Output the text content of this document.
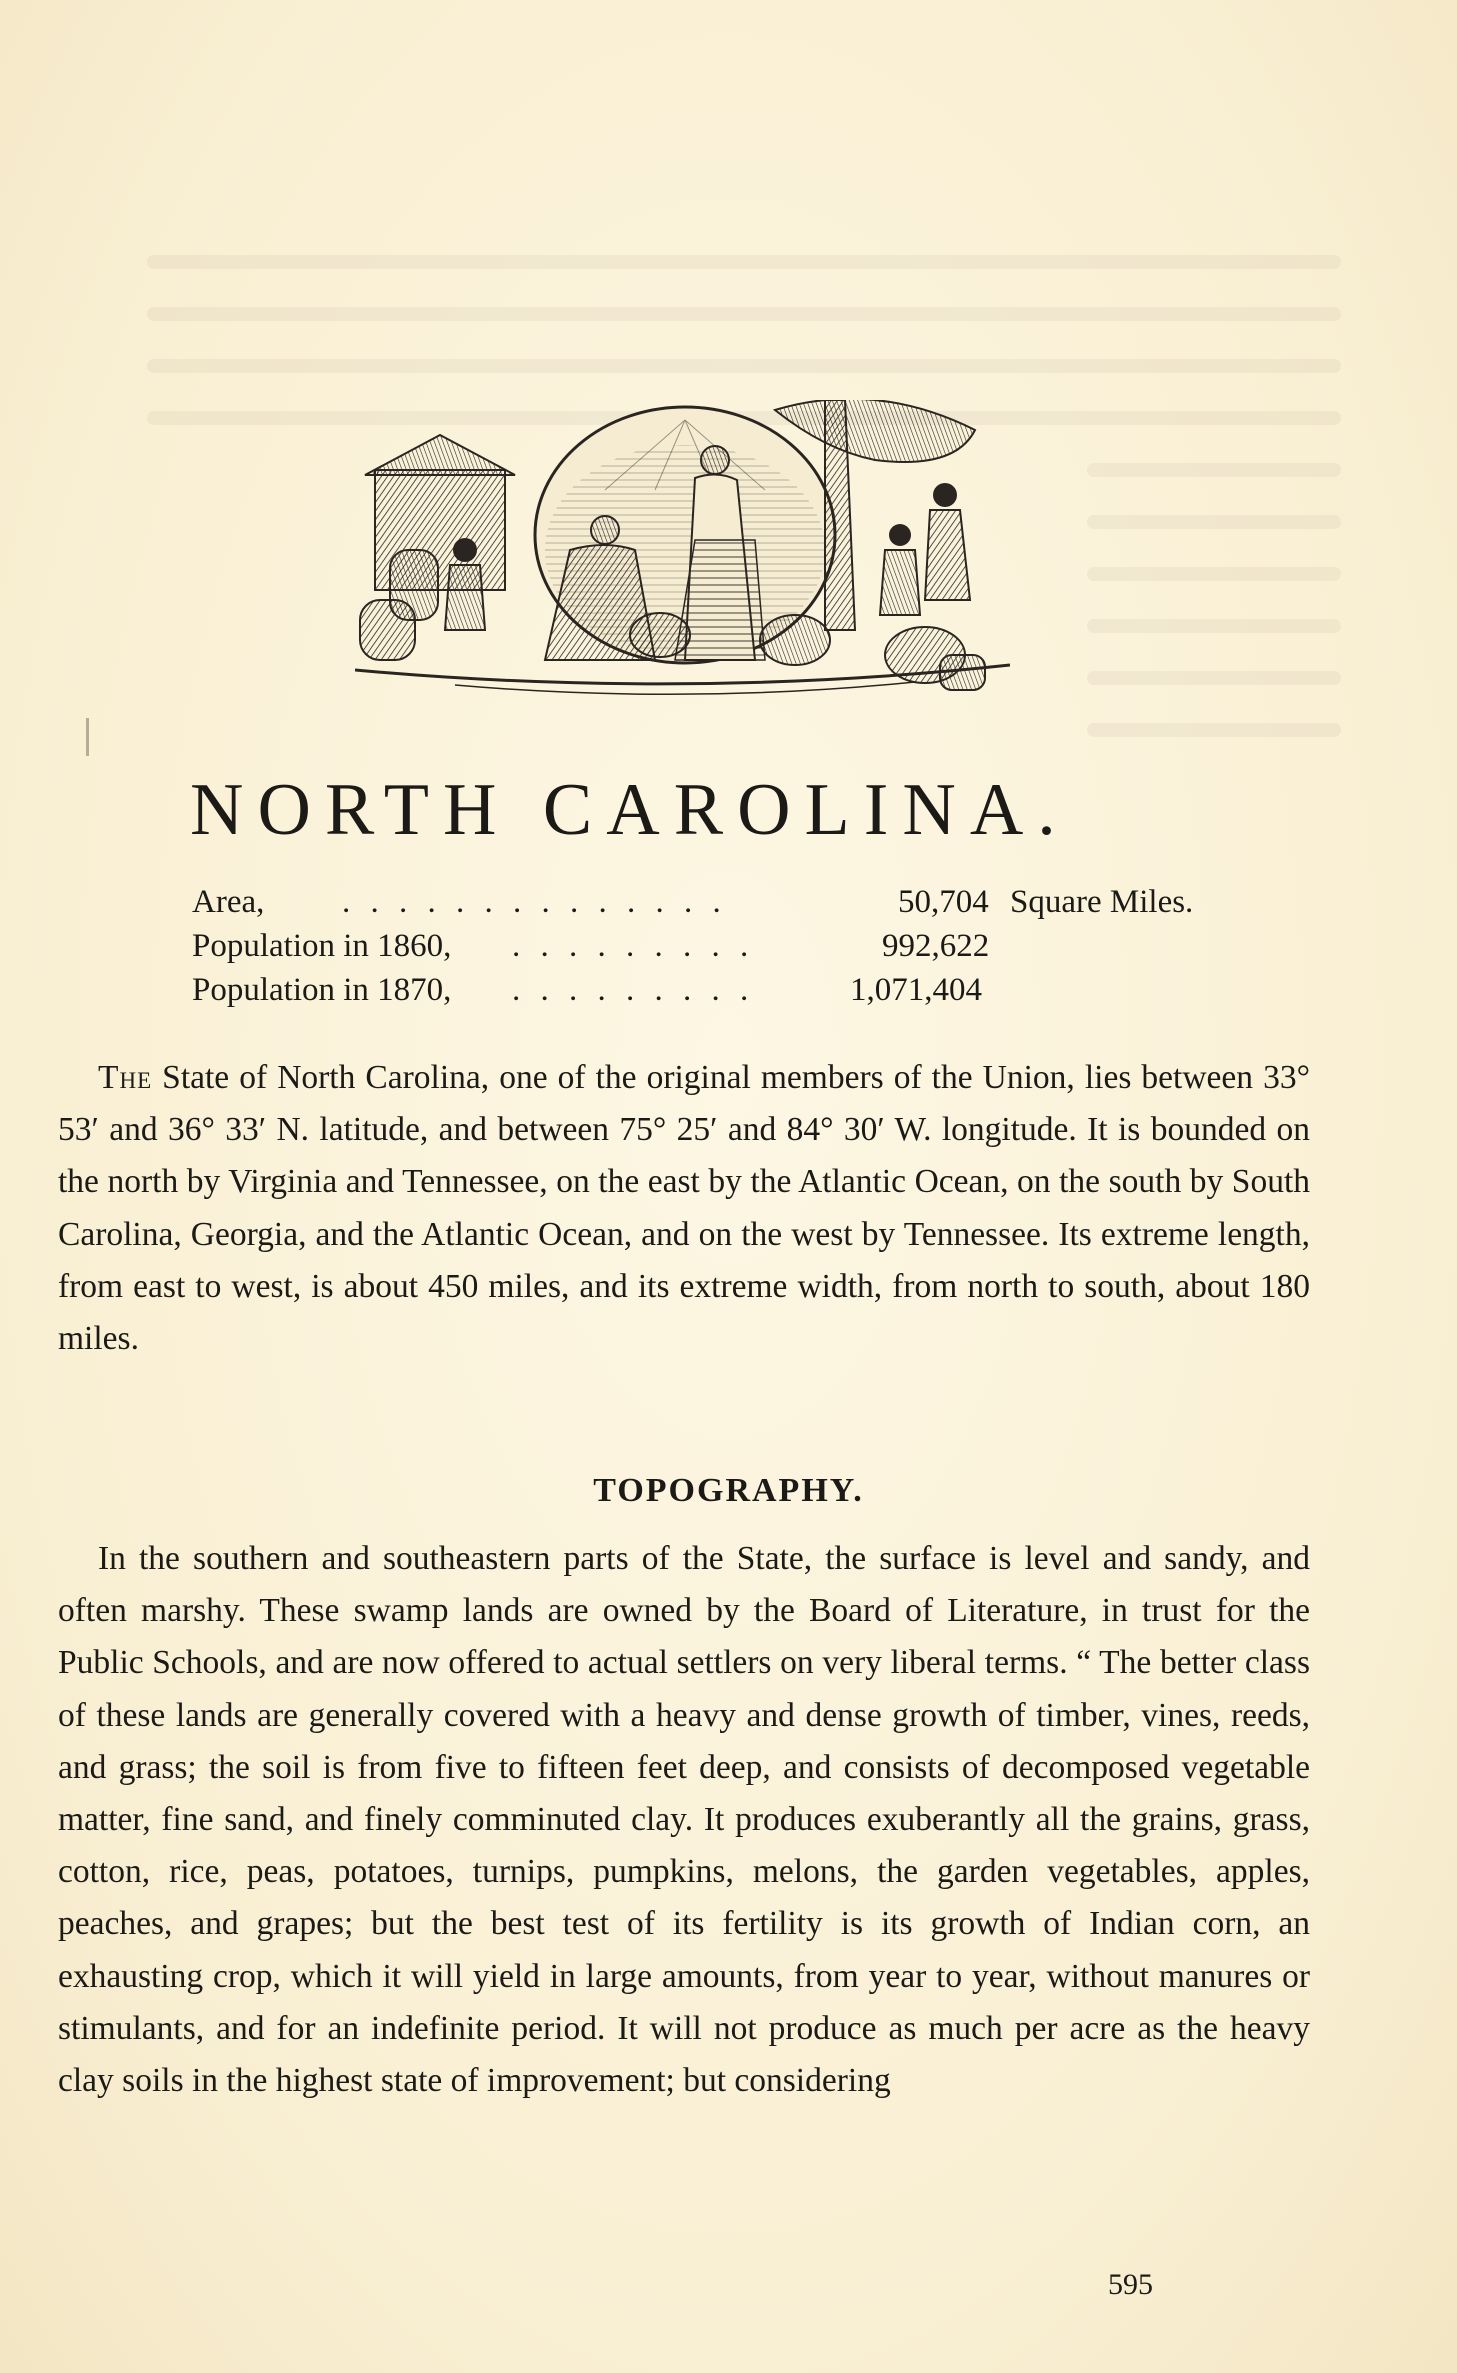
NORTH CAROLINA.
Area, . . . . . . . . . . . . . .	50,704 Square Miles.
Population in 1860, . . . . . . . . .	992,622
Population in 1870, . . . . . . . . .	1,071,404

The State of North Carolina, one of the original members of the Union, lies between 33° 53′ and 36° 33′ N. latitude, and between 75° 25′ and 84° 30′ W. longitude. It is bounded on the north by Virginia and Tennessee, on the east by the Atlantic Ocean, on the south by South Carolina, Georgia, and the Atlantic Ocean, and on the west by Tennessee. Its extreme length, from east to west, is about 450 miles, and its extreme width, from north to south, about 180 miles.

TOPOGRAPHY.

In the southern and southeastern parts of the State, the surface is level and sandy, and often marshy. These swamp lands are owned by the Board of Literature, in trust for the Public Schools, and are now offered to actual settlers on very liberal terms. “ The better class of these lands are generally covered with a heavy and dense growth of timber, vines, reeds, and grass; the soil is from five to fifteen feet deep, and consists of decomposed vegetable matter, fine sand, and finely comminuted clay. It produces exuberantly all the grains, grass, cotton, rice, peas, potatoes, turnips, pumpkins, melons, the garden vegetables, apples, peaches, and grapes; but the best test of its fertility is its growth of Indian corn, an exhausting crop, which it will yield in large amounts, from year to year, without manures or stimulants, and for an indefinite period. It will not produce as much per acre as the heavy clay soils in the highest state of improvement; but considering

595
